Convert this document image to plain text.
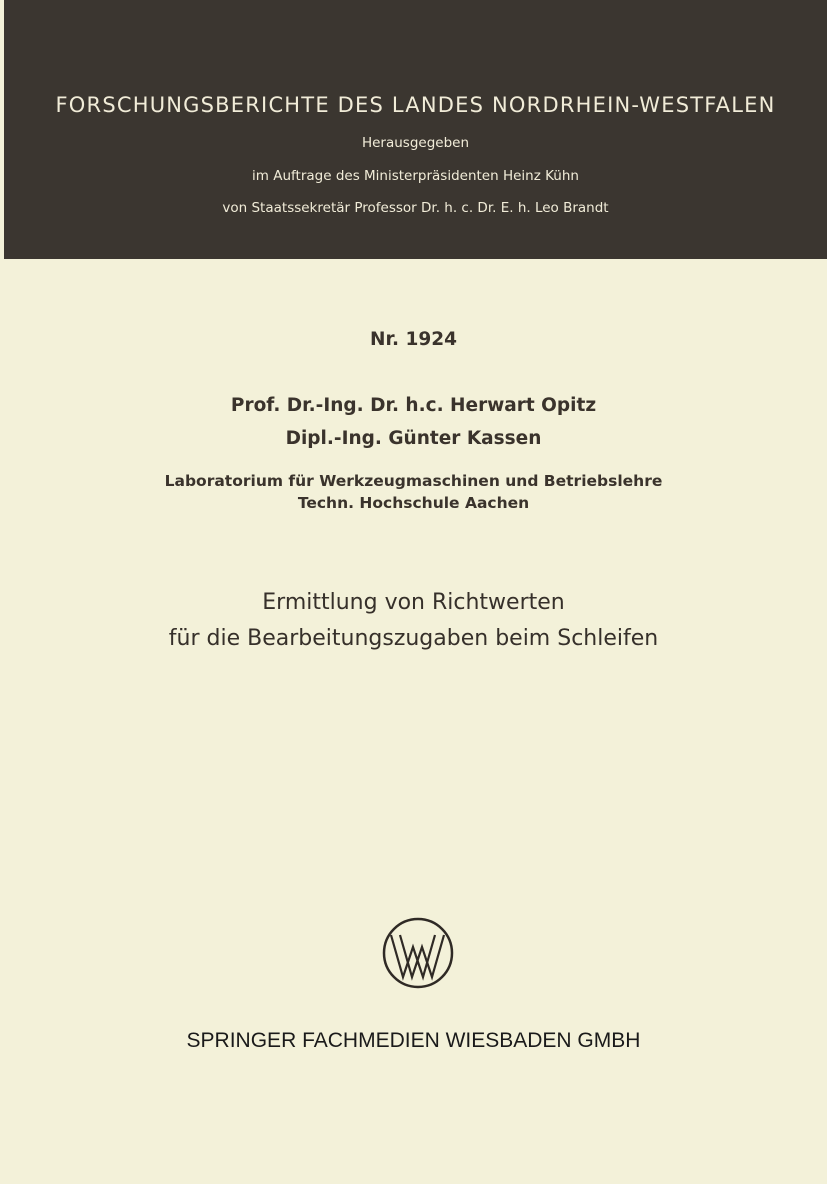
FORSCHUNGSBERICHTE DES LANDES NORDRHEIN-WESTFALEN
Herausgegeben
im Auftrage des Ministerpräsidenten Heinz Kühn
von Staatssekretär Professor Dr. h. c. Dr. E. h. Leo Brandt
Nr. 1924
Prof. Dr.-Ing. Dr. h.c. Herwart Opitz
Dipl.-Ing. Günter Kassen
Laboratorium für Werkzeugmaschinen und Betriebslehre
Techn. Hochschule Aachen
Ermittlung von Richtwerten
für die Bearbeitungszugaben beim Schleifen
SPRINGER FACHMEDIEN WIESBADEN GMBH
